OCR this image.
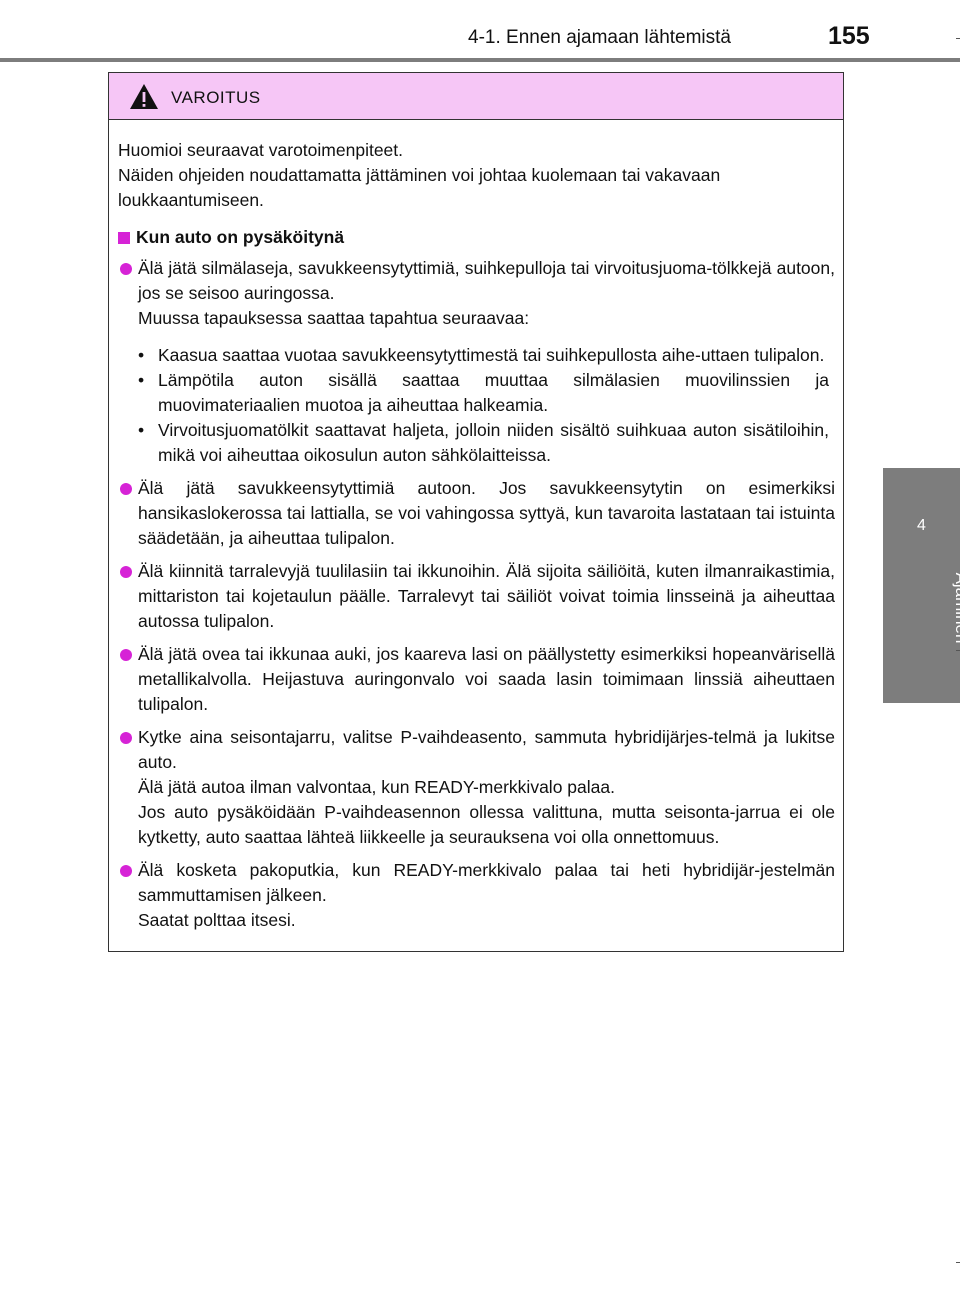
4-1. Ennen ajamaan lähtemistä	155
4
Ajaminen
VAROITUS

Huomioi seuraavat varotoimenpiteet.

Näiden ohjeiden noudattamatta jättäminen voi johtaa kuolemaan tai vakavaan loukkaantumiseen.

Kun auto on pysäköitynä

Älä jätä silmälaseja, savukkeensytyttimiä, suihkepulloja tai virvoitusjuoma-tölkkejä autoon, jos se seisoo auringossa.

Muussa tapauksessa saattaa tapahtua seuraavaa:

• Kaasua saattaa vuotaa savukkeensytyttimestä tai suihkepullosta aihe-uttaen tulipalon.
• Lämpötila auton sisällä saattaa muuttaa silmälasien muovilinssien ja muovimateriaalien muotoa ja aiheuttaa halkeamia.
• Virvoitusjuomatölkit saattavat haljeta, jolloin niiden sisältö suihkuaa auton sisätiloihin, mikä voi aiheuttaa oikosulun auton sähkölaitteissa.

Älä jätä savukkeensytyttimiä autoon. Jos savukkeensytytin on esimerkiksi hansikaslokerossa tai lattialla, se voi vahingossa syttyä, kun tavaroita lastataan tai istuinta säädetään, ja aiheuttaa tulipalon.

Älä kiinnitä tarralevyjä tuulilasiin tai ikkunoihin. Älä sijoita säiliöitä, kuten ilmanraikastimia, mittariston tai kojetaulun päälle. Tarralevyt tai säiliöt voivat toimia linsseinä ja aiheuttaa autossa tulipalon.

Älä jätä ovea tai ikkunaa auki, jos kaareva lasi on päällystetty esimerkiksi hopeanvärisellä metallikalvolla. Heijastuva auringonvalo voi saada lasin toimimaan linssiä aiheuttaen tulipalon.

Kytke aina seisontajarru, valitse P-vaihdeasento, sammuta hybridijärjes-telmä ja lukitse auto.

Älä jätä autoa ilman valvontaa, kun READY-merkkivalo palaa.

Jos auto pysäköidään P-vaihdeasennon ollessa valittuna, mutta seisonta-jarrua ei ole kytketty, auto saattaa lähteä liikkeelle ja seurauksena voi olla onnettomuus.

Älä kosketa pakoputkia, kun READY-merkkivalo palaa tai heti hybridijär-jestelmän sammuttamisen jälkeen.

Saatat polttaa itsesi.
